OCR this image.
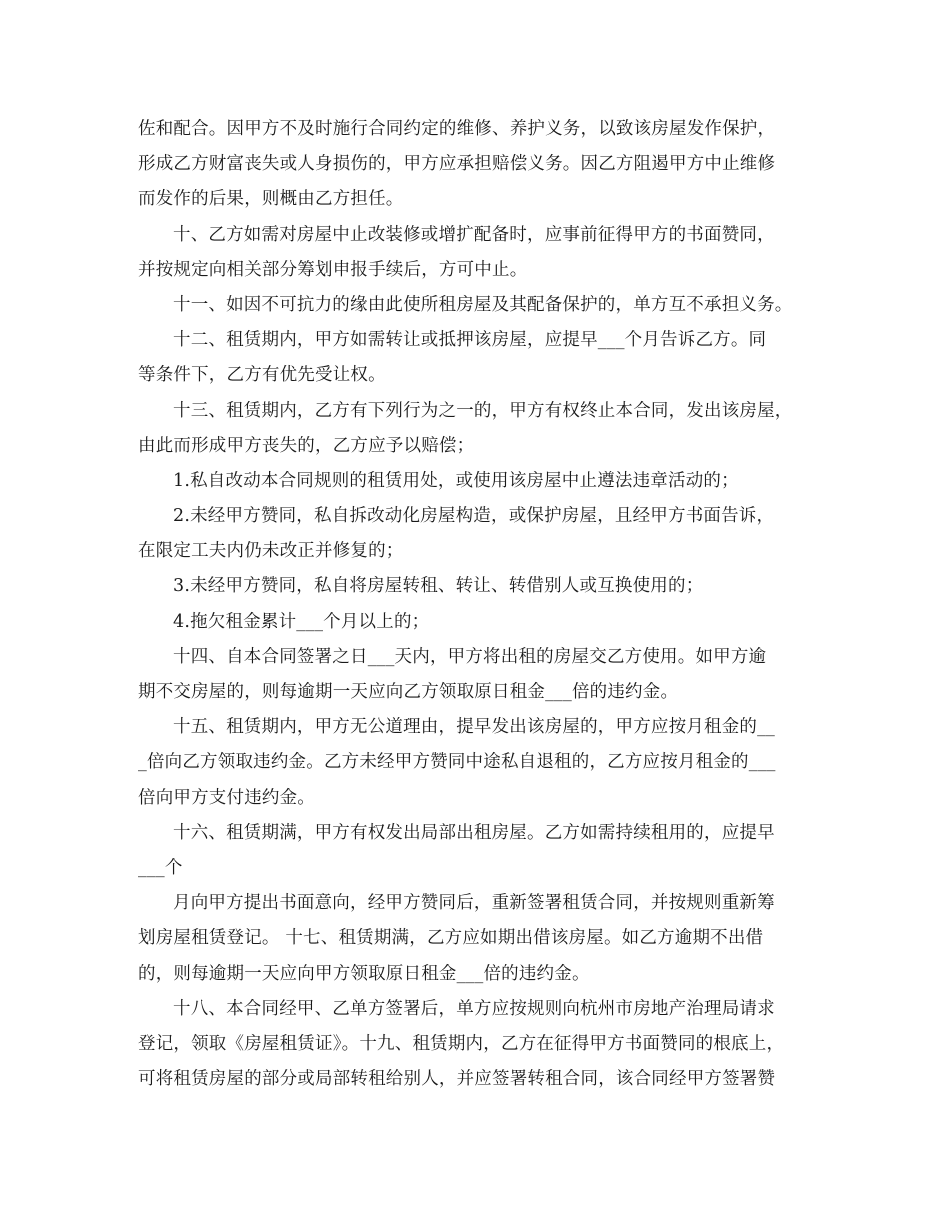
佐和配合。因甲方不及时施行合同约定的维修、养护义务，以致该房屋发作保护，
形成乙方财富丧失或人身损伤的，甲方应承担赔偿义务。因乙方阻遏甲方中止维修
而发作的后果，则概由乙方担任。
十、乙方如需对房屋中止改装修或增扩配备时，应事前征得甲方的书面赞同，
并按规定向相关部分筹划申报手续后，方可中止。
十一、如因不可抗力的缘由此使所租房屋及其配备保护的，单方互不承担义务。
十二、租赁期内，甲方如需转让或抵押该房屋，应提早___个月告诉乙方。同
等条件下，乙方有优先受让权。
十三、租赁期内，乙方有下列行为之一的，甲方有权终止本合同，发出该房屋，
由此而形成甲方丧失的，乙方应予以赔偿；
1.私自改动本合同规则的租赁用处，或使用该房屋中止遵法违章活动的；
2.未经甲方赞同，私自拆改动化房屋构造，或保护房屋，且经甲方书面告诉，
在限定工夫内仍未改正并修复的；
3.未经甲方赞同，私自将房屋转租、转让、转借别人或互换使用的；
4.拖欠租金累计___个月以上的；
十四、自本合同签署之日___天内，甲方将出租的房屋交乙方使用。如甲方逾
期不交房屋的，则每逾期一天应向乙方领取原日租金___倍的违约金。
十五、租赁期内，甲方无公道理由，提早发出该房屋的，甲方应按月租金的__
_倍向乙方领取违约金。乙方未经甲方赞同中途私自退租的，乙方应按月租金的___
倍向甲方支付违约金。
十六、租赁期满，甲方有权发出局部出租房屋。乙方如需持续租用的，应提早
___个
月向甲方提出书面意向，经甲方赞同后，重新签署租赁合同，并按规则重新筹
划房屋租赁登记。 十七、租赁期满，乙方应如期出借该房屋。如乙方逾期不出借
的，则每逾期一天应向甲方领取原日租金___倍的违约金。
十八、本合同经甲、乙单方签署后，单方应按规则向杭州市房地产治理局请求
登记，领取《房屋租赁证》。十九、租赁期内，乙方在征得甲方书面赞同的根底上，
可将租赁房屋的部分或局部转租给别人，并应签署转租合同，该合同经甲方签署赞
